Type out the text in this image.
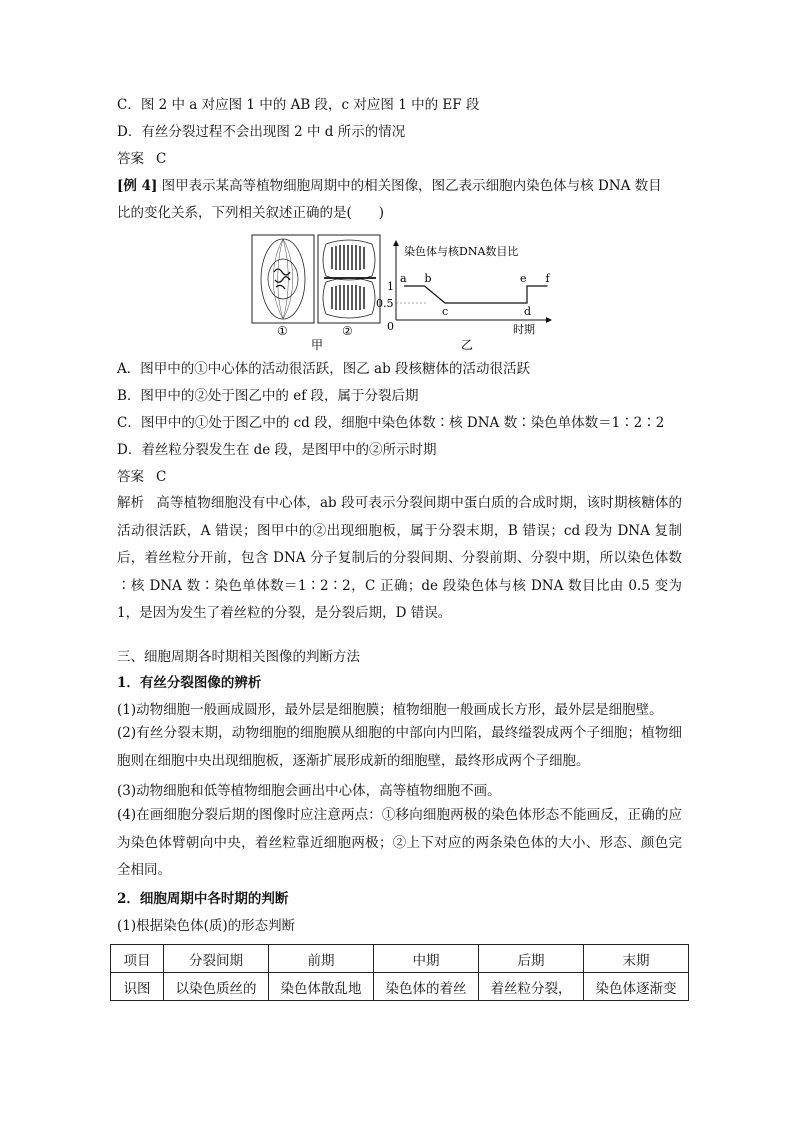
C．图 2 中 a 对应图 1 中的 AB 段，c 对应图 1 中的 EF 段
D．有丝分裂过程不会出现图 2 中 d 所示的情况
答案 C
[例 4] 图甲表示某高等植物细胞周期中的相关图像，图乙表示细胞内染色体与核 DNA 数目
比的变化关系，下列相关叙述正确的是(　　)
a b
c	d
e f
1
0.5
0
染色体与核DNA数目比
时期
①	②
甲	乙
A．图甲中的①中心体的活动很活跃，图乙 ab 段核糖体的活动很活跃
B．图甲中的②处于图乙中的 ef 段，属于分裂后期
C．图甲中的①处于图乙中的 cd 段，细胞中染色体数∶核 DNA 数∶染色单体数＝1∶2∶2
D．着丝粒分裂发生在 de 段，是图甲中的②所示时期
答案 C
解析 高等植物细胞没有中心体，ab 段可表示分裂间期中蛋白质的合成时期，该时期核糖体的活动很活跃，A 错误；图甲中的②出现细胞板，属于分裂末期，B 错误；cd 段为 DNA 复制后，着丝粒分开前，包含 DNA 分子复制后的分裂间期、分裂前期、分裂中期，所以染色体数∶核 DNA 数∶染色单体数＝1∶2∶2，C 正确；de 段染色体与核 DNA 数目比由 0.5 变为 1，是因为发生了着丝粒的分裂，是分裂后期，D 错误。
三、细胞周期各时期相关图像的判断方法
1．有丝分裂图像的辨析
(1)动物细胞一般画成圆形，最外层是细胞膜；植物细胞一般画成长方形，最外层是细胞壁。
(2)有丝分裂末期，动物细胞的细胞膜从细胞的中部向内凹陷，最终缢裂成两个子细胞；植物细胞则在细胞中央出现细胞板，逐渐扩展形成新的细胞壁，最终形成两个子细胞。
(3)动物细胞和低等植物细胞会画出中心体，高等植物细胞不画。
(4)在画细胞分裂后期的图像时应注意两点：①移向细胞两极的染色体形态不能画反，正确的应为染色体臂朝向中央，着丝粒靠近细胞两极；②上下对应的两条染色体的大小、形态、颜色完全相同。
2．细胞周期中各时期的判断
(1)根据染色体(质)的形态判断
项目	分裂间期	前期	中期	后期	末期
识图	以染色质丝的	染色体散乱地	染色体的着丝	着丝粒分裂，	染色体逐渐变
